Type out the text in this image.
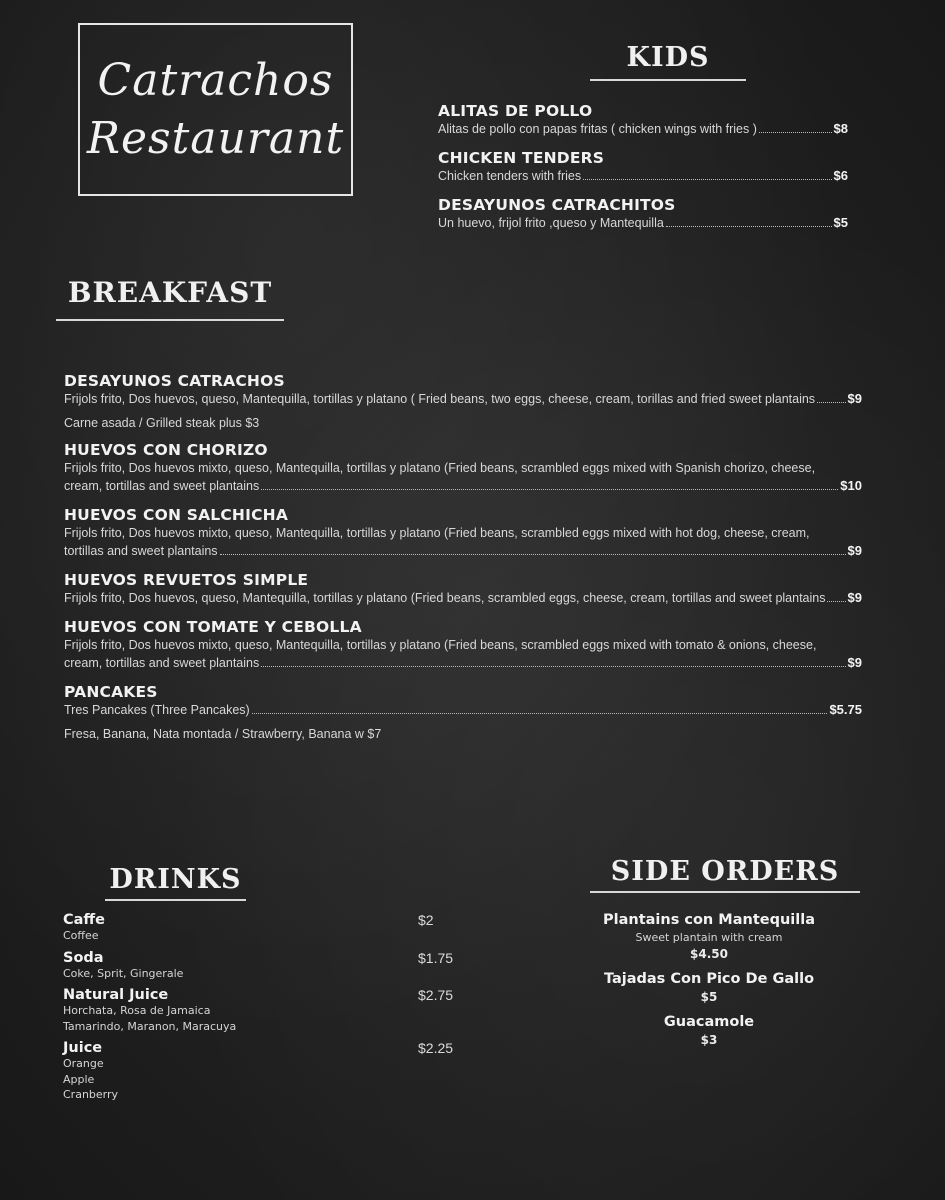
Catrachos
Restaurant
KIDS
ALITAS DE POLLO
Alitas de pollo con papas fritas ( chicken wings with fries )	$8
CHICKEN TENDERS
Chicken tenders with fries	$6
DESAYUNOS CATRACHITOS
Un huevo, frijol frito ,queso y Mantequilla	$5
BREAKFAST
DESAYUNOS CATRACHOS
Frijols frito, Dos huevos, queso, Mantequilla, tortillas y platano ( Fried beans, two eggs, cheese, cream, torillas and fried sweet plantains $9
Carne asada / Grilled steak plus $3
HUEVOS CON CHORIZO
Frijols frito, Dos huevos mixto, queso, Mantequilla, tortillas y platano (Fried beans, scrambled eggs mixed with Spanish chorizo, cheese,
cream, tortillas and sweet plantains	$10
HUEVOS CON SALCHICHA
Frijols frito, Dos huevos mixto, queso, Mantequilla, tortillas y platano (Fried beans, scrambled eggs mixed with hot dog, cheese, cream,
tortillas and sweet plantains	$9
HUEVOS REVUETOS SIMPLE
Frijols frito, Dos huevos, queso, Mantequilla, tortillas y platano (Fried beans, scrambled eggs, cheese, cream, tortillas and sweet plantains $9
HUEVOS CON TOMATE Y CEBOLLA
Frijols frito, Dos huevos mixto, queso, Mantequilla, tortillas y platano (Fried beans, scrambled eggs mixed with tomato & onions, cheese,
cream, tortillas and sweet plantains	$9
PANCAKES
Tres Pancakes (Three Pancakes)	$5.75
Fresa, Banana, Nata montada / Strawberry, Banana w $7
DRINKS
Caffe	$2
Coffee
Soda	$1.75
Coke, Sprit, Gingerale
Natural Juice	$2.75
Horchata, Rosa de Jamaica
Tamarindo, Maranon, Maracuya
Juice	$2.25
Orange
Apple
Cranberry
SIDE ORDERS
Plantains con Mantequilla
Sweet plantain with cream
$4.50
Tajadas Con Pico De Gallo
$5
Guacamole
$3
